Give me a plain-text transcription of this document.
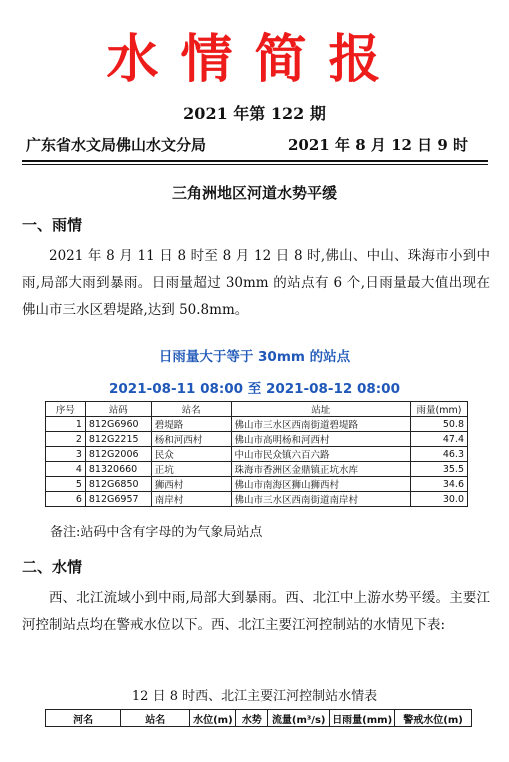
水情简报
2021 年第 122 期
广东省水文局佛山水文分局	2021 年 8 月 12 日 9 时
三角洲地区河道水势平缓
一、雨情
2021 年 8 月 11 日 8 时至 8 月 12 日 8 时,佛山、中山、珠海市小到中雨,局部大雨到暴雨。日雨量超过 30mm 的站点有 6 个,日雨量最大值出现在佛山市三水区碧堤路,达到 50.8mm。
日雨量大于等于 30mm 的站点
2021-08-11 08:00 至 2021-08-12 08:00
序号	站码	站名	站址	雨量(mm)
1	812G6960	碧堤路	佛山市三水区西南街道碧堤路	50.8
2	812G2215	杨和河西村	佛山市高明杨和河西村	47.4
3	812G2006	民众	中山市民众镇六百六路	46.3
4	81320660	正坑	珠海市香洲区金鼎镇正坑水库	35.5
5	812G6850	狮西村	佛山市南海区狮山狮西村	34.6
6	812G6957	南岸村	佛山市三水区西南街道南岸村	30.0
备注:站码中含有字母的为气象局站点
二、水情
西、北江流域小到中雨,局部大到暴雨。西、北江中上游水势平缓。主要江河控制站点均在警戒水位以下。西、北江主要江河控制站的水情见下表:
12 日 8 时西、北江主要江河控制站水情表
河名	站名	水位(m)	水势	流量(m³/s)	日雨量(mm)	警戒水位(m)
